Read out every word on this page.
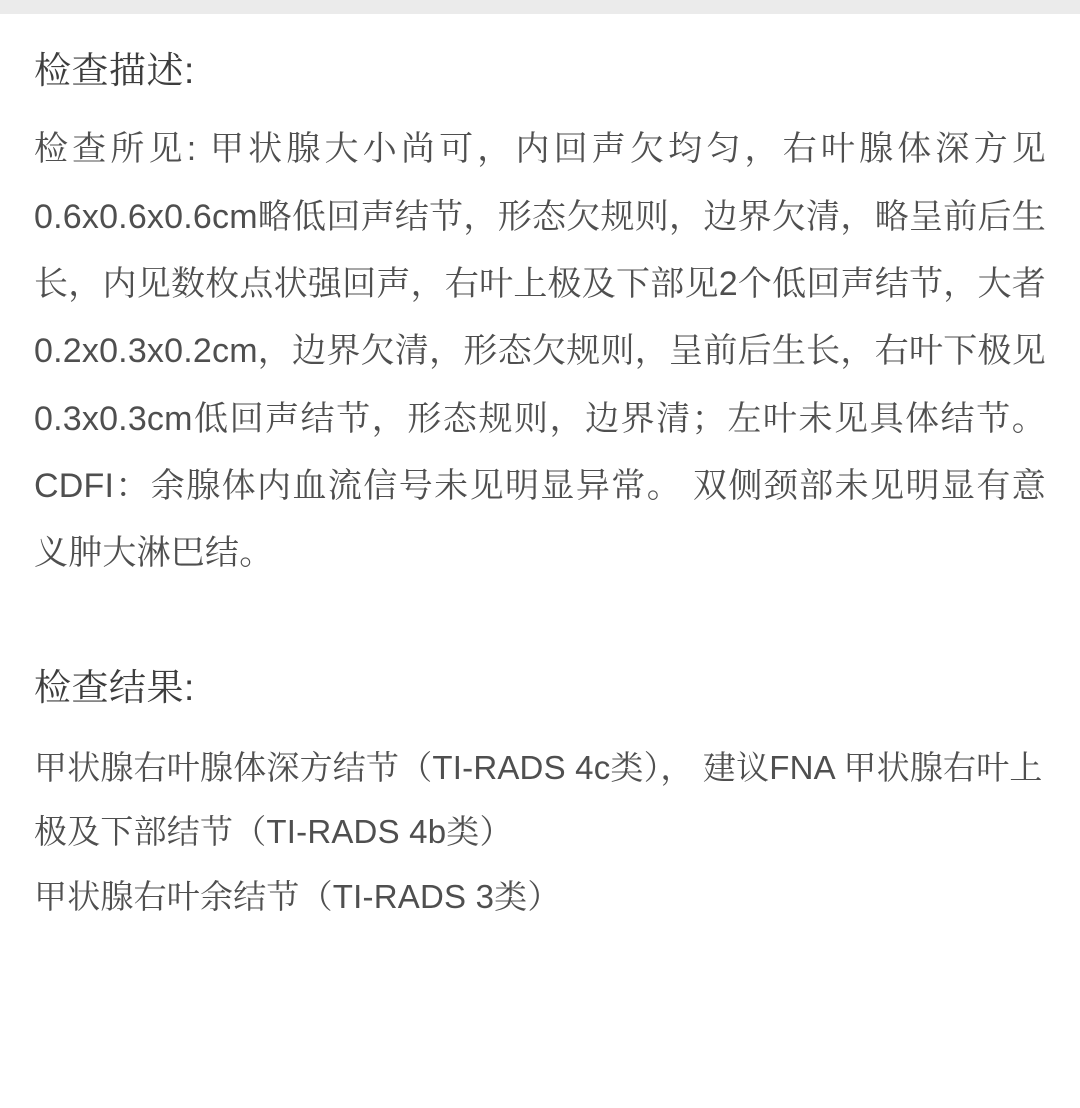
检查描述:

检查所见: 甲状腺大小尚可，内回声欠均匀，右叶腺体深方见0.6x0.6x0.6cm略低回声结节，形态欠规则，边界欠清，略呈前后生长，内见数枚点状强回声，右叶上极及下部见2个低回声结节，大者0.2x0.3x0.2cm，边界欠清，形态欠规则，呈前后生长，右叶下极见0.3x0.3cm低回声结节，形态规则，边界清；左叶未见具体结节。CDFI：余腺体内血流信号未见明显异常。 双侧颈部未见明显有意义肿大淋巴结。

检查结果:
甲状腺右叶腺体深方结节（TI-RADS 4c类）， 建议FNA 甲状腺右叶上极及下部结节（TI-RADS 4b类）
甲状腺右叶余结节（TI-RADS 3类）
